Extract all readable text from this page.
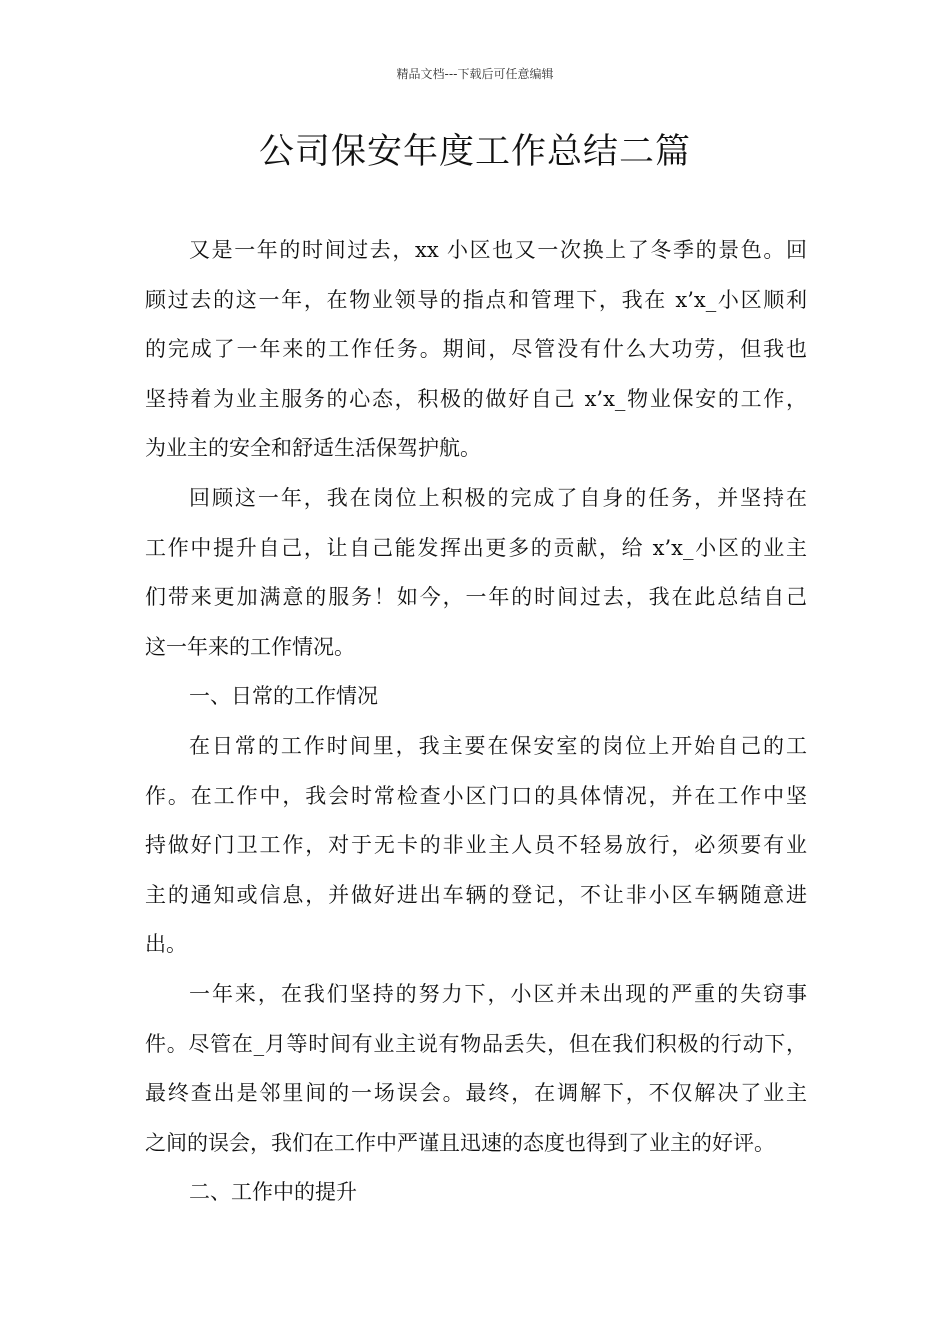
精品文档---下载后可任意编辑
公司保安年度工作总结二篇
又是一年的时间过去，xx 小区也又一次换上了冬季的景色。回
顾过去的这一年，在物业领导的指点和管理下，我在 x’x_小区顺利
的完成了一年来的工作任务。期间，尽管没有什么大功劳，但我也
坚持着为业主服务的心态，积极的做好自己 x’x_物业保安的工作，
为业主的安全和舒适生活保驾护航。
回顾这一年，我在岗位上积极的完成了自身的任务，并坚持在
工作中提升自己，让自己能发挥出更多的贡献，给 x’x_小区的业主
们带来更加满意的服务！如今，一年的时间过去，我在此总结自己
这一年来的工作情况。
一、日常的工作情况
在日常的工作时间里，我主要在保安室的岗位上开始自己的工
作。在工作中，我会时常检查小区门口的具体情况，并在工作中坚
持做好门卫工作，对于无卡的非业主人员不轻易放行，必须要有业
主的通知或信息，并做好进出车辆的登记，不让非小区车辆随意进
出。
一年来，在我们坚持的努力下，小区并未出现的严重的失窃事
件。尽管在_月等时间有业主说有物品丢失，但在我们积极的行动下，
最终查出是邻里间的一场误会。最终，在调解下，不仅解决了业主
之间的误会，我们在工作中严谨且迅速的态度也得到了业主的好评。
二、工作中的提升
